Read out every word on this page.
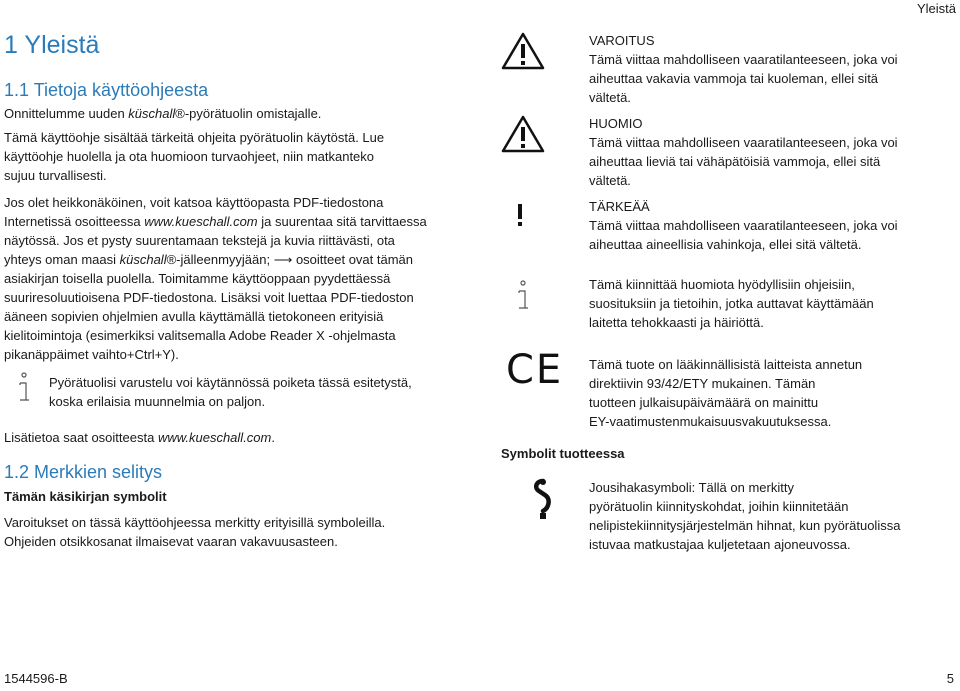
Yleistä
1 Yleistä
1.1 Tietoja käyttöohjeesta

Onnittelumme uuden küschall®-pyörätuolin omistajalle.

Tämä käyttöohje sisältää tärkeitä ohjeita pyörätuolin käytöstä. Lue
käyttöohje huolella ja ota huomioon turvaohjeet, niin matkanteko
sujuu turvallisesti.

Jos olet heikkonäköinen, voit katsoa käyttöopasta PDF-tiedostona
Internetissä osoitteessa www.kueschall.com ja suurentaa sitä tarvittaessa
näytössä. Jos et pysty suurentamaan tekstejä ja kuvia riittävästi, ota
yhteys oman maasi küschall®-jälleenmyyjään; ⟶ osoitteet ovat tämän
asiakirjan toisella puolella. Toimitamme käyttöoppaan pyydettäessä
suuriresoluutioisena PDF-tiedostona. Lisäksi voit luettaa PDF-tiedoston
ääneen sopivien ohjelmien avulla käyttämällä tietokoneen erityisiä
kielitoimintoja (esimerkiksi valitsemalla Adobe Reader X -ohjelmasta
pikanäppäimet vaihto+Ctrl+Y).

Pyörätuolisi varustelu voi käytännössä poiketa tässä esitetystä,
koska erilaisia muunnelmia on paljon.

Lisätietoa saat osoitteesta www.kueschall.com.

1.2 Merkkien selitys
Tämän käsikirjan symbolit

Varoitukset on tässä käyttöohjeessa merkitty erityisillä symboleilla.
Ohjeiden otsikkosanat ilmaisevat vaaran vakavuusasteen.

VAROITUS
Tämä viittaa mahdolliseen vaaratilanteeseen, joka voi
aiheuttaa vakavia vammoja tai kuoleman, ellei sitä
vältetä.
HUOMIO
Tämä viittaa mahdolliseen vaaratilanteeseen, joka voi
aiheuttaa lieviä tai vähäpätöisiä vammoja, ellei sitä
vältetä.
TÄRKEÄÄ
Tämä viittaa mahdolliseen vaaratilanteeseen, joka voi
aiheuttaa aineellisia vahinkoja, ellei sitä vältetä.
Tämä kiinnittää huomiota hyödyllisiin ohjeisiin,
suosituksiin ja tietoihin, jotka auttavat käyttämään
laitetta tehokkaasti ja häiriöttä.
CE Tämä tuote on lääkinnällisistä laitteista annetun
direktiivin 93/42/ETY mukainen. Tämän
tuotteen julkaisupäivämäärä on mainittu
EY-vaatimustenmukaisuusvakuutuksessa.
Symbolit tuotteessa
Jousihakasymboli: Tällä on merkitty
pyörätuolin kiinnityskohdat, joihin kiinnitetään
nelipistekiinnitysjärjestelmän hihnat, kun pyörätuolissa
istuvaa matkustajaa kuljetetaan ajoneuvossa.
1544596-B	5
